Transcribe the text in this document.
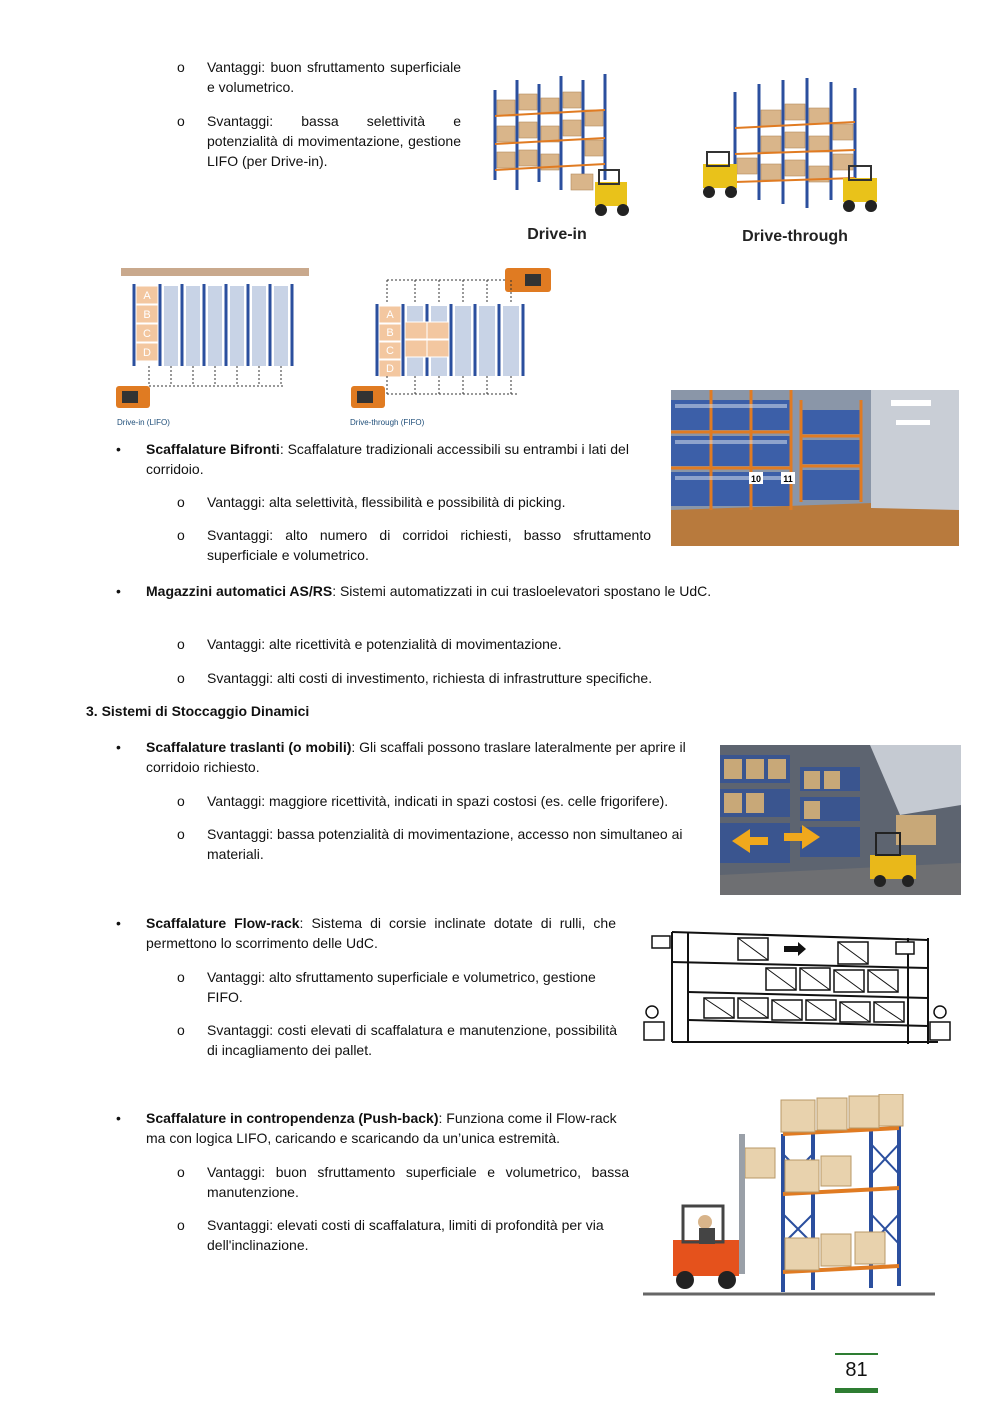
o Vantaggi: buon sfruttamento superficiale e volumetrico.
o Svantaggi: bassa selettività e potenzialità di movimentazione, gestione LIFO (per Drive-in).
Drive-in	Drive-through
A
B
C
D
Drive-in (LIFO)
A
B
C
D
Drive-through (FIFO)
10 11
• Scaffalature Bifronti: Scaffalature tradizionali accessibili su entrambi i lati del corridoio.
o Vantaggi: alta selettività, flessibilità e possibilità di picking.
o Svantaggi: alto numero di corridoi richiesti, basso sfruttamento superficiale e volumetrico.
• Magazzini automatici AS/RS: Sistemi automatizzati in cui trasloelevatori spostano le UdC.
o Vantaggi: alte ricettività e potenzialità di movimentazione.
o Svantaggi: alti costi di investimento, richiesta di infrastrutture specifiche.
3. Sistemi di Stoccaggio Dinamici
• Scaffalature traslanti (o mobili): Gli scaffali possono traslare lateralmente per aprire il corridoio richiesto.
o Vantaggi: maggiore ricettività, indicati in spazi costosi (es. celle frigorifere).
o Svantaggi: bassa potenzialità di movimentazione, accesso non simultaneo ai materiali.
• Scaffalature Flow-rack: Sistema di corsie inclinate dotate di rulli, che permettono lo scorrimento delle UdC.
o Vantaggi: alto sfruttamento superficiale e volumetrico, gestione FIFO.
o Svantaggi: costi elevati di scaffalatura e manutenzione, possibilità di incagliamento dei pallet.
• Scaffalature in contropendenza (Push-back): Funziona come il Flow-rack ma con logica LIFO, caricando e scaricando da un’unica estremità.
o Vantaggi: buon sfruttamento superficiale e volumetrico, bassa manutenzione.
o Svantaggi: elevati costi di scaffalatura, limiti di profondità per via dell'inclinazione.
81
